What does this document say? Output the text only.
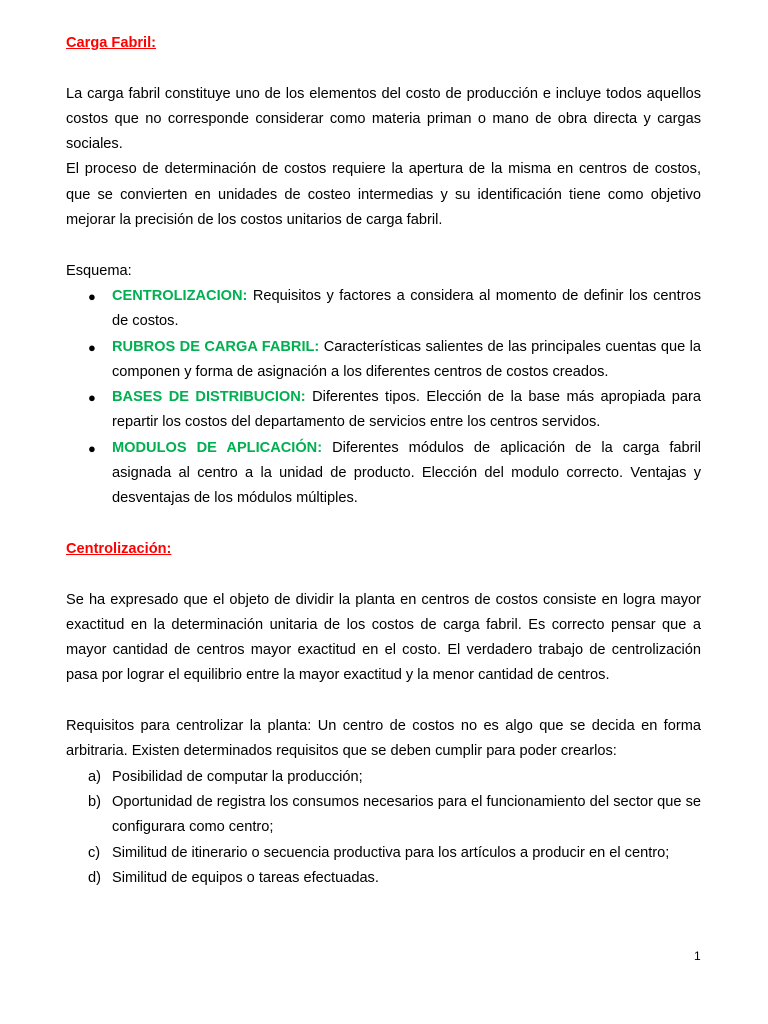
Carga Fabril:

La carga fabril constituye uno de los elementos del costo de producción e incluye todos aquellos costos que no corresponde considerar como materia priman o mano de obra directa y cargas sociales.

El proceso de determinación de costos requiere la apertura de la misma en centros de costos, que se convierten en unidades de costeo intermedias y su identificación tiene como objetivo mejorar la precisión de los costos unitarios de carga fabril.

Esquema:

● CENTROLIZACION: Requisitos y factores a considera al momento de definir los centros de costos.
● RUBROS DE CARGA FABRIL: Características salientes de las principales cuentas que la componen y forma de asignación a los diferentes centros de costos creados.
● BASES DE DISTRIBUCION: Diferentes tipos. Elección de la base más apropiada para repartir los costos del departamento de servicios entre los centros servidos.
● MODULOS DE APLICACIÓN: Diferentes módulos de aplicación de la carga fabril asignada al centro a la unidad de producto. Elección del modulo correcto. Ventajas y desventajas de los módulos múltiples.

Centrolización:

Se ha expresado que el objeto de dividir la planta en centros de costos consiste en logra mayor exactitud en la determinación unitaria de los costos de carga fabril. Es correcto pensar que a mayor cantidad de centros mayor exactitud en el costo. El verdadero trabajo de centrolización pasa por lograr el equilibrio entre la mayor exactitud y la menor cantidad de centros.

Requisitos para centrolizar la planta: Un centro de costos no es algo que se decida en forma arbitraria. Existen determinados requisitos que se deben cumplir para poder crearlos:

a) Posibilidad de computar la producción;
b) Oportunidad de registra los consumos necesarios para el funcionamiento del sector que se configurara como centro;
c) Similitud de itinerario o secuencia productiva para los artículos a producir en el centro;
d) Similitud de equipos o tareas efectuadas.
1
